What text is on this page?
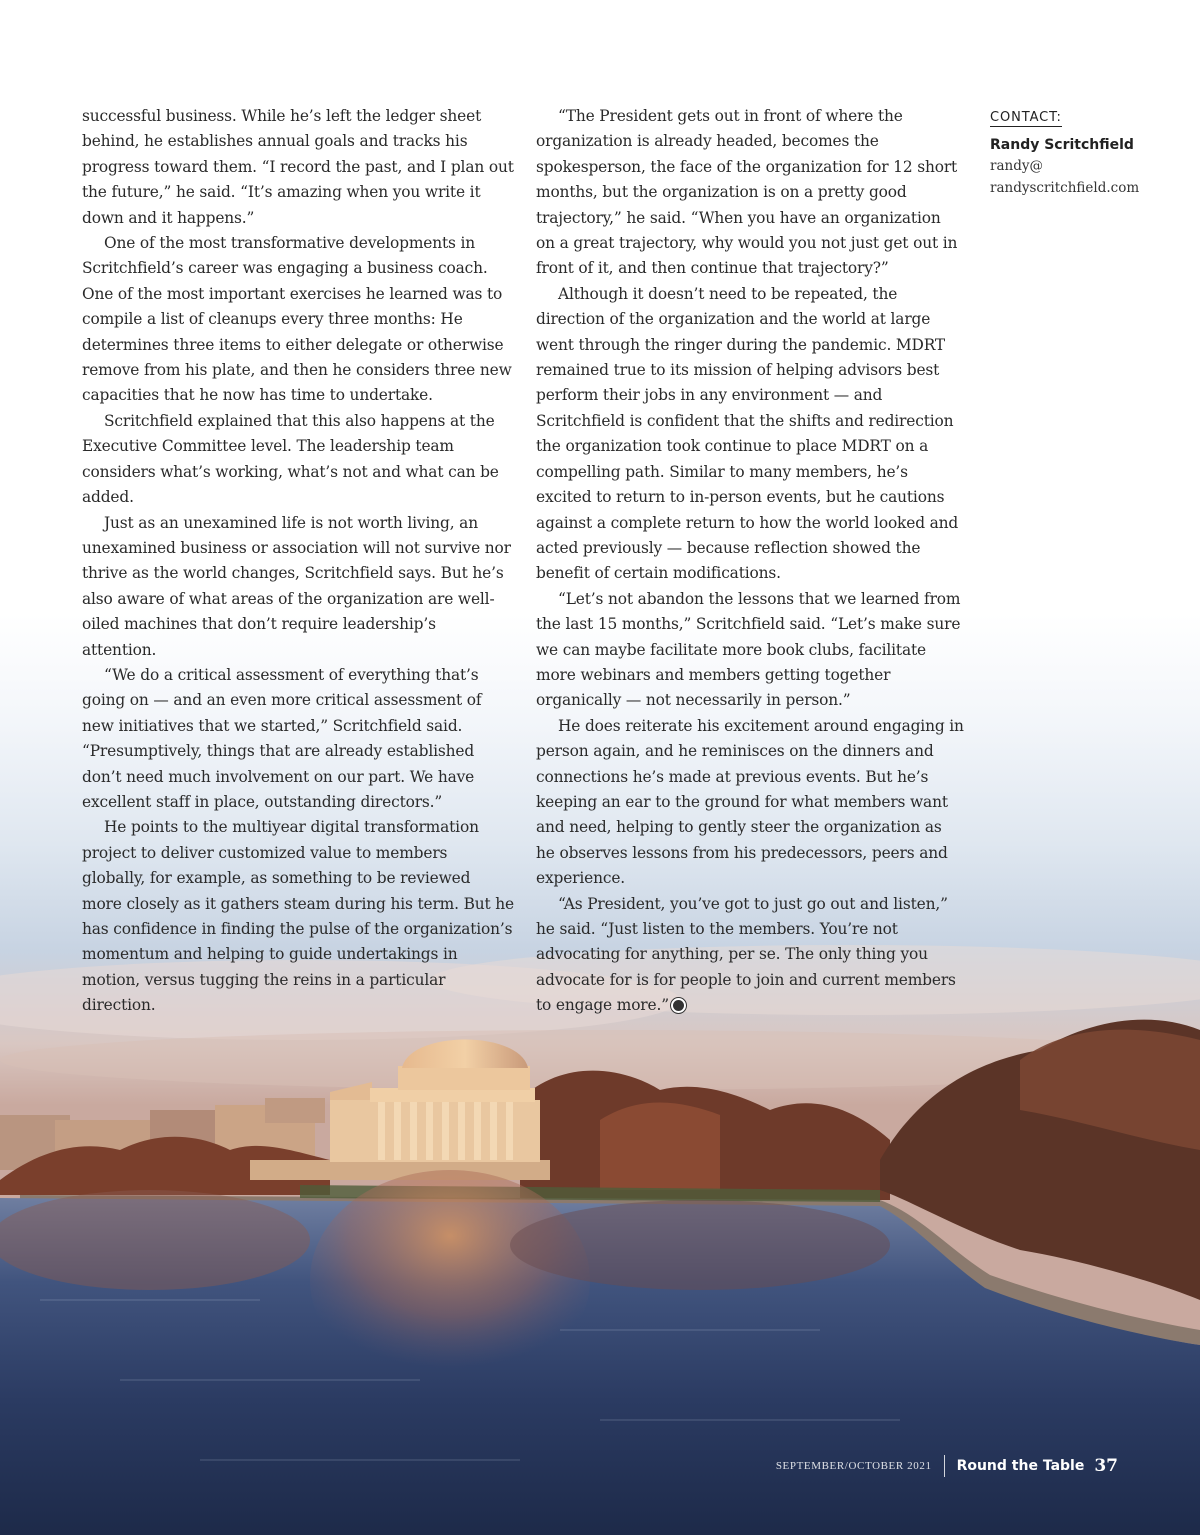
successful business. While he’s left the ledger sheet behind, he establishes annual goals and tracks his progress toward them. “I record the past, and I plan out the future,” he said. “It’s amazing when you write it down and it happens.”

One of the most transformative developments in Scritchfield’s career was engaging a business coach. One of the most important exercises he learned was to compile a list of cleanups every three months: He determines three items to either delegate or otherwise remove from his plate, and then he considers three new capacities that he now has time to undertake.

Scritchfield explained that this also happens at the Executive Committee level. The leadership team considers what’s working, what’s not and what can be added.

Just as an unexamined life is not worth living, an unexamined business or association will not survive nor thrive as the world changes, Scritchfield says. But he’s also aware of what areas of the organization are well-oiled machines that don’t require leadership’s attention.

“We do a critical assessment of everything that’s going on — and an even more critical assessment of new initiatives that we started,” Scritchfield said. “Presumptively, things that are already established don’t need much involvement on our part. We have excellent staff in place, outstanding directors.”

He points to the multiyear digital transformation project to deliver customized value to members globally, for example, as something to be reviewed more closely as it gathers steam during his term. But he has confidence in finding the pulse of the organization’s momentum and helping to guide undertakings in motion, versus tugging the reins in a particular direction.

“The President gets out in front of where the organization is already headed, becomes the spokesperson, the face of the organization for 12 short months, but the organization is on a pretty good trajectory,” he said. “When you have an organization on a great trajectory, why would you not just get out in front of it, and then continue that trajectory?”

Although it doesn’t need to be repeated, the direction of the organization and the world at large went through the ringer during the pandemic. MDRT remained true to its mission of helping advisors best perform their jobs in any environment — and Scritchfield is confident that the shifts and redirection the organization took continue to place MDRT on a compelling path. Similar to many members, he’s excited to return to in-person events, but he cautions against a complete return to how the world looked and acted previously — because reflection showed the benefit of certain modifications.

“Let’s not abandon the lessons that we learned from the last 15 months,” Scritchfield said. “Let’s make sure we can maybe facilitate more book clubs, facilitate more webinars and members getting together organically — not necessarily in person.”

He does reiterate his excitement around engaging in person again, and he reminisces on the dinners and connections he’s made at previous events. But he’s keeping an ear to the ground for what members want and need, helping to gently steer the organization as he observes lessons from his predecessors, peers and experience.

“As President, you’ve got to just go out and listen,” he said. “Just listen to the members. You’re not advocating for anything, per se. The only thing you advocate for is for people to join and current members to engage more.”

CONTACT:
Randy Scritchfield
randy@
randyscritchfield.com
SEPTEMBER/OCTOBER 2021 Round the Table 37
